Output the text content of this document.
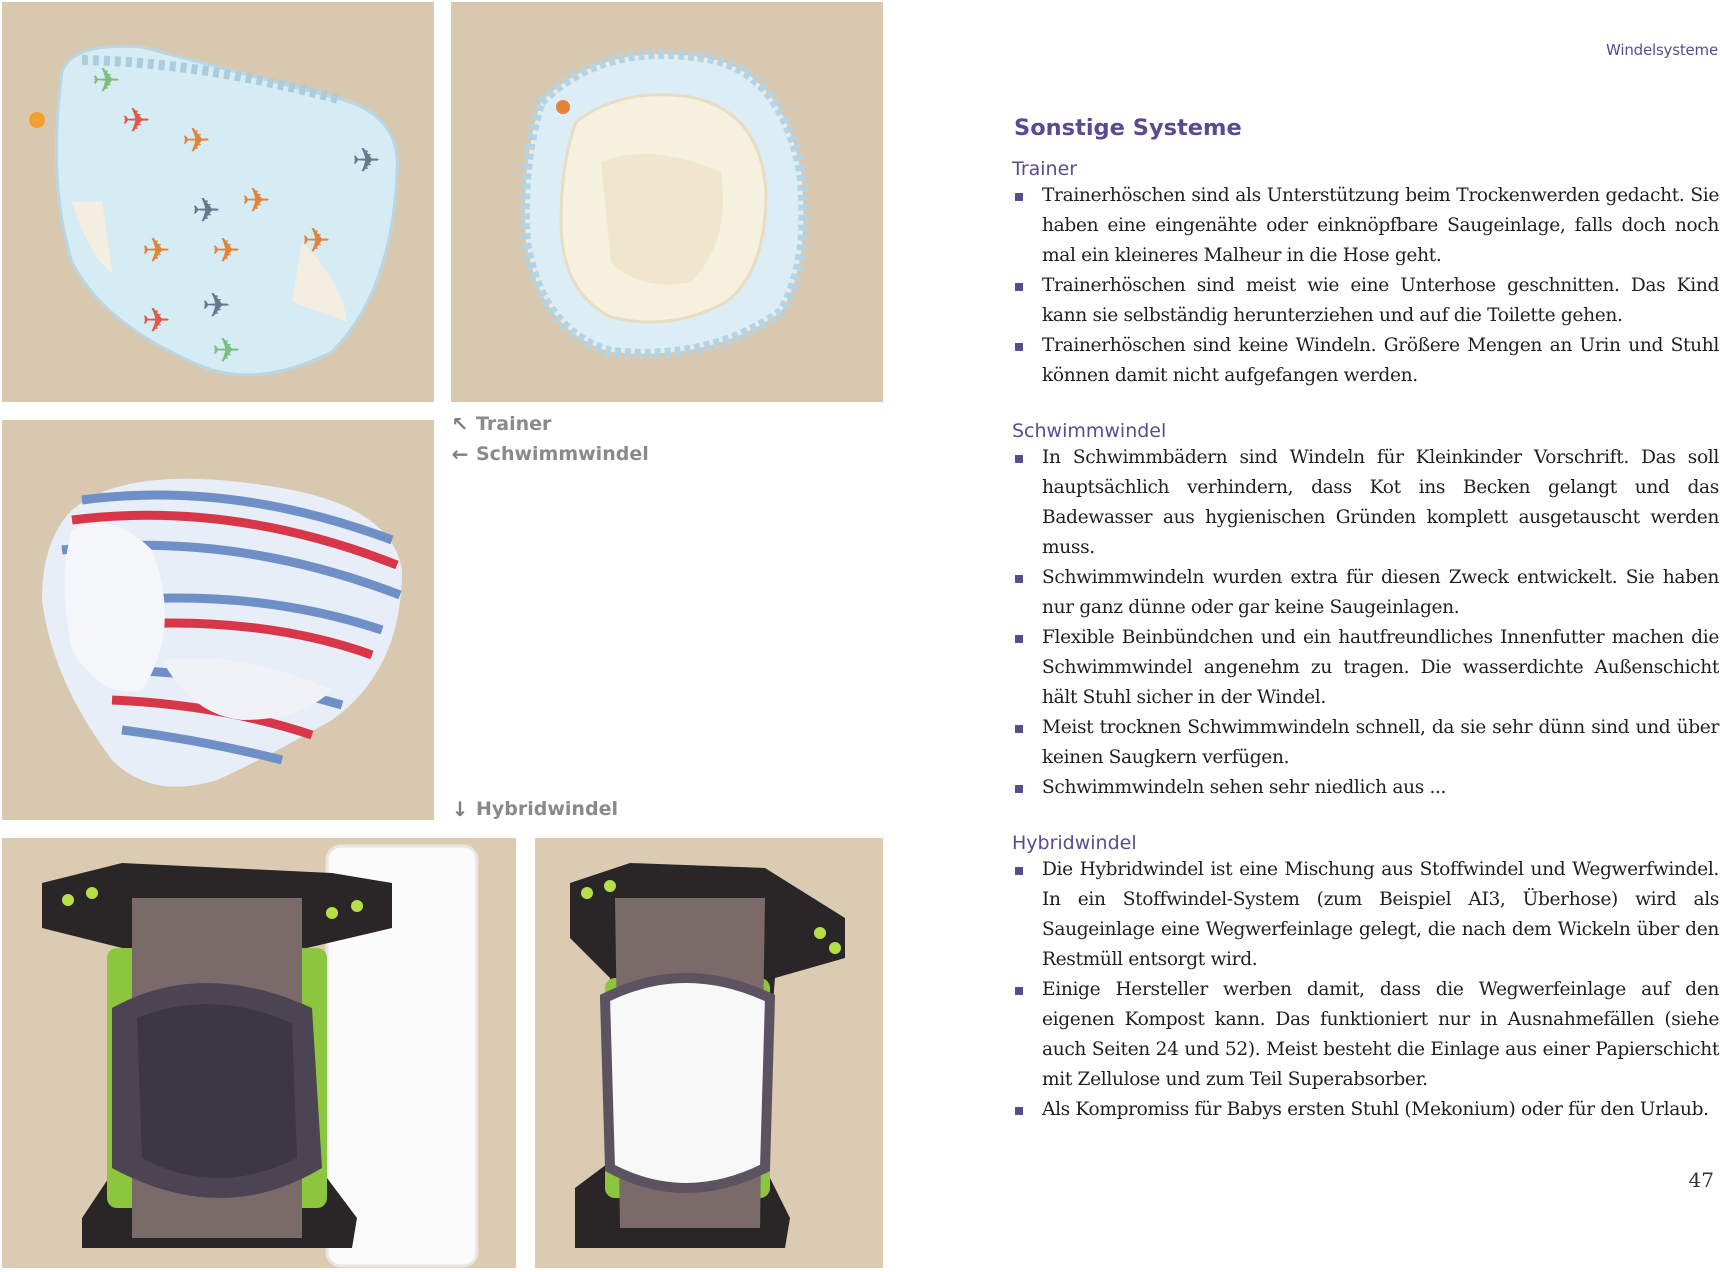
✈
✈
✈
✈
✈
✈
✈
✈
✈
✈
✈
✈
↖ Trainer
← Schwimmwindel
↓ Hybridwindel
Windelsysteme
Sonstige Systeme
Trainer
Trainerhöschen sind als Unterstützung beim Trockenwerden gedacht. Sie haben eine eingenähte oder einknöpfbare Saugeinlage, falls doch noch mal ein kleineres Malheur in die Hose geht.
Trainerhöschen sind meist wie eine Unterhose geschnitten. Das Kind kann sie selbständig herunterziehen und auf die Toilette gehen.
Trainerhöschen sind keine Windeln. Größere Mengen an Urin und Stuhl können damit nicht aufgefangen werden.
Schwimmwindel
In Schwimmbädern sind Windeln für Kleinkinder Vorschrift. Das soll hauptsächlich verhindern, dass Kot ins Becken gelangt und das Badewasser aus hygienischen Gründen komplett ausgetauscht werden muss.
Schwimmwindeln wurden extra für diesen Zweck entwickelt. Sie haben nur ganz dünne oder gar keine Saugeinlagen.
Flexible Beinbündchen und ein hautfreundliches Innenfutter machen die Schwimmwindel angenehm zu tragen. Die wasserdichte Außenschicht hält Stuhl sicher in der Windel.
Meist trocknen Schwimmwindeln schnell, da sie sehr dünn sind und über keinen Saugkern verfügen.
Schwimmwindeln sehen sehr niedlich aus ...
Hybridwindel
Die Hybridwindel ist eine Mischung aus Stoffwindel und Wegwerfwindel. In ein Stoffwindel-System (zum Beispiel AI3, Überhose) wird als Saugeinlage eine Wegwerfeinlage gelegt, die nach dem Wickeln über den Restmüll entsorgt wird.
Einige Hersteller werben damit, dass die Wegwerfeinlage auf den eigenen Kompost kann. Das funktioniert nur in Ausnahmefällen (siehe auch Seiten 24 und 52). Meist besteht die Einlage aus einer Papierschicht mit Zellulose und zum Teil Superabsorber.
Als Kompromiss für Babys ersten Stuhl (Mekonium) oder für den Urlaub.
47
